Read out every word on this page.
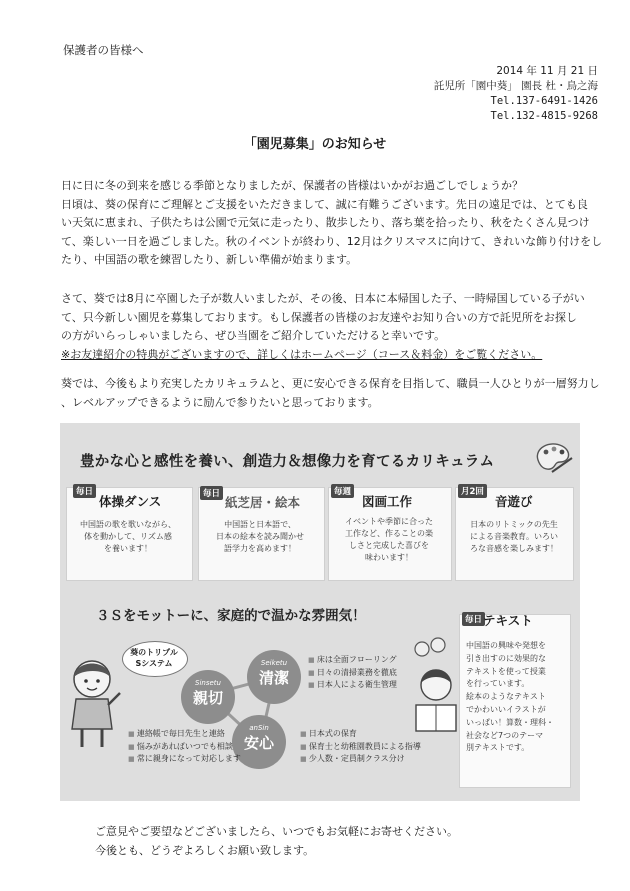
保護者の皆様へ
2014 年 11 月 21 日
託児所「園中葵」 園長 杜・鳥之海
Tel.137-6491-1426
Tel.132-4815-9268
「園児募集」のお知らせ
日に日に冬の到来を感じる季節となりましたが、保護者の皆様はいかがお過ごしでしょうか？
日頃は、葵の保育にご理解とご支援をいただきまして、誠に有難うございます。先日の遠足では、とても良
い天気に恵まれ、子供たちは公園で元気に走ったり、散歩したり、落ち葉を拾ったり、秋をたくさん見つけ
て、楽しい一日を過ごしました。秋のイベントが終わり、12月はクリスマスに向けて、きれいな飾り付けをし
たり、中国語の歌を練習したり、新しい準備が始まります。
さて、葵では8月に卒園した子が数人いましたが、その後、日本に本帰国した子、一時帰国している子がい
て、只今新しい園児を募集しております。もし保護者の皆様のお友達やお知り合いの方で託児所をお探し
の方がいらっしゃいましたら、ぜひ当園をご紹介していただけると幸いです。
※お友達紹介の特典がございますので、詳しくはホームページ（コース＆料金）をご覧ください。
葵では、今後もより充実したカリキュラムと、更に安心できる保育を目指して、職員一人ひとりが一層努力し
、レベルアップできるように励んで参りたいと思っております。
豊かな心と感性を養い、創造力＆想像力を育てるカリキュラム
毎日
体操ダンス
中国語の歌を歌いながら、
体を動かして、リズム感
を養います！
毎日
紙芝居・絵本
中国語と日本語で、
日本の絵本を読み聞かせ
語学力を高めます！
毎週
図画工作
イベントや季節に合った
工作など、作ることの楽
しさと完成した喜びを
味わいます！
月2回
音遊び
日本のリトミックの先生
による音楽教育。いろい
ろな音感を楽しみます！
３Ｓをモットーに、家庭的で温かな雰囲気！
葵のトリプル
Sシステム
Sinsetu
親切
Seiketu
清潔
anSin
安心
■ 床は全面フローリング
■ 日々の清掃業務を徹底
■ 日本人による衛生管理
■ 連絡帳で毎日先生と連絡
■ 悩みがあればいつでも相談
■ 常に親身になって対応します
■ 日本式の保育
■ 保育士と幼稚園教員による指導
■ 少人数・定員制クラス分け
毎日 テキスト
中国語の興味や発想を
引き出すのに効果的な
テキストを使って授業
を行っています。
絵本のようなテキスト
でかわいいイラストが
いっぱい！算数・理科・
社会など7つのテーマ
別テキストです。
ご意見やご要望などございましたら、いつでもお気軽にお寄せください。
今後とも、どうぞよろしくお願い致します。
